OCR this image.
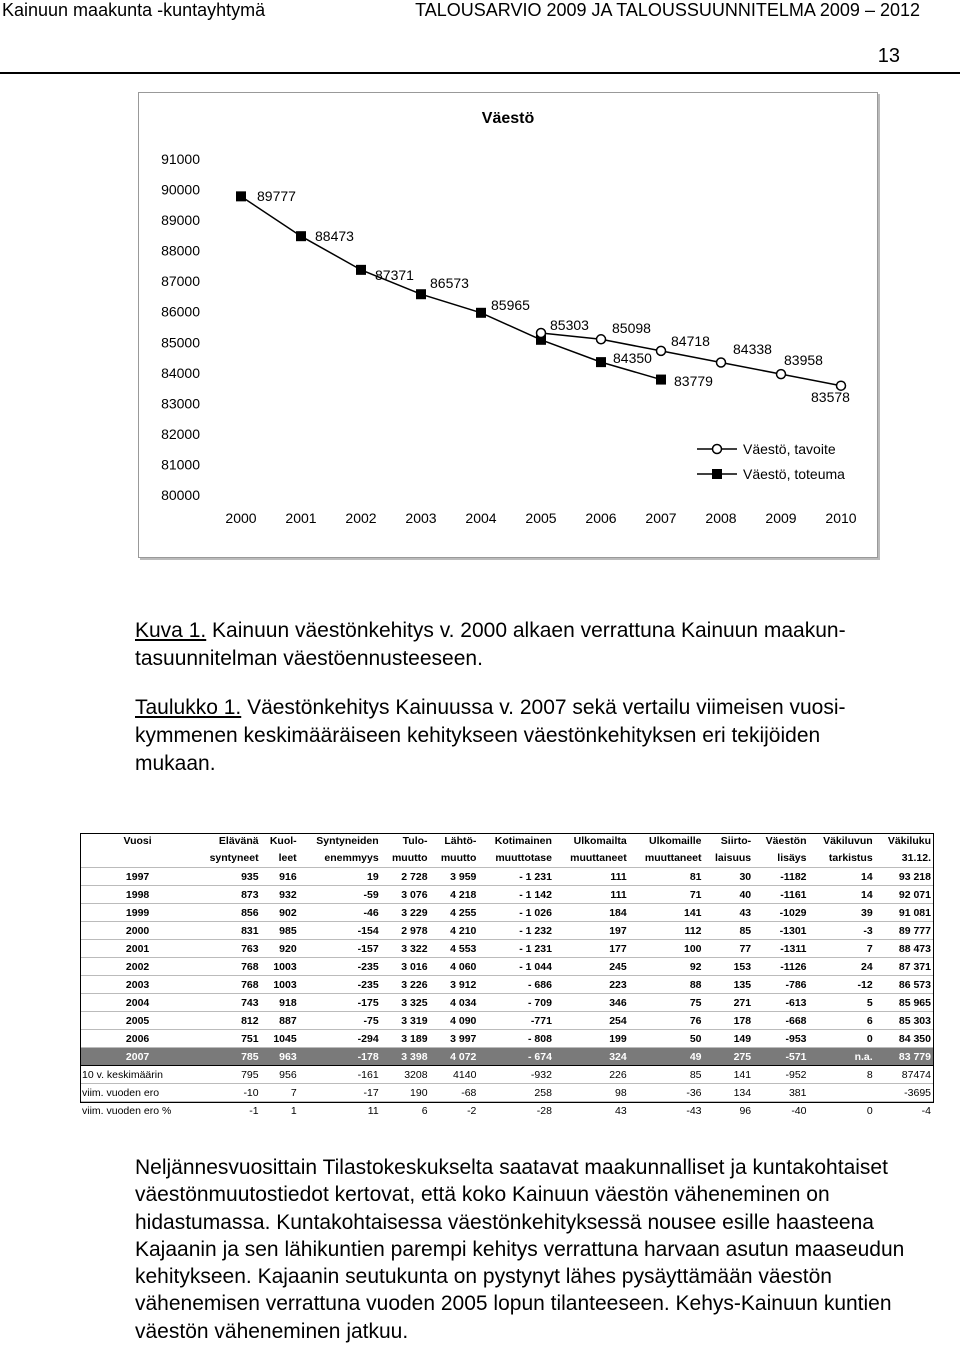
Kainuun maakunta -kuntayhtymä	TALOUSARVIO 2009 JA TALOUSSUUNNITELMA 2009 – 2012
13
Väestö
80000
81000
82000
83000
84000
85000
86000
87000
88000
89000
90000
91000
2000 2001 2002 2003 2004 2005 2006 2007 2008 2009 2010
89777
88473
87371 86573
85965
84350
83779
85303 85098
84718 84338
83958
83578
Väestö, tavoite
Väestö, toteuma
Kuva 1. Kainuun väestönkehitys v. 2000 alkaen verrattuna Kainuun maakun-
tasuunnitelman väestöennusteeseen.
Taulukko 1. Väestönkehitys Kainuussa v. 2007 sekä vertailu viimeisen vuosi-
kymmenen keskimääräiseen kehitykseen väestönkehityksen eri tekijöiden
mukaan.
Vuosi	Elävänä	Kuol-	Syntyneiden	Tulo-	Lähtö-	Kotimainen	Ulkomailta	Ulkomaille	Siirto-	Väestön	Väkiluvun	Väkiluku
	syntyneet	leet	enemmyys	muutto	muutto	muuttotase	muuttaneet	muuttaneet	laisuus	lisäys	tarkistus	31.12.
1997	935	916	19	2 728	3 959	- 1 231	111	81	30	-1182	14	93 218
1998	873	932	-59	3 076	4 218	- 1 142	111	71	40	-1161	14	92 071
1999	856	902	-46	3 229	4 255	- 1 026	184	141	43	-1029	39	91 081
2000	831	985	-154	2 978	4 210	- 1 232	197	112	85	-1301	-3	89 777
2001	763	920	-157	3 322	4 553	- 1 231	177	100	77	-1311	7	88 473
2002	768	1003	-235	3 016	4 060	- 1 044	245	92	153	-1126	24	87 371
2003	768	1003	-235	3 226	3 912	- 686	223	88	135	-786	-12	86 573
2004	743	918	-175	3 325	4 034	- 709	346	75	271	-613	5	85 965
2005	812	887	-75	3 319	4 090	-771	254	76	178	-668	6	85 303
2006	751	1045	-294	3 189	3 997	- 808	199	50	149	-953	0	84 350
2007	785	963	-178	3 398	4 072	- 674	324	49	275	-571	n.a.	83 779
10 v. keskimäärin	795	956	-161	3208	4140	-932	226	85	141	-952	8	87474
viim. vuoden ero	-10	7	-17	190	-68	258	98	-36	134	381		-3695
viim. vuoden ero %	-1	1	11	6	-2	-28	43	-43	96	-40	0	-4
Neljännesvuosittain Tilastokeskukselta saatavat maakunnalliset ja kuntakohtaiset väestönmuutostiedot kertovat, että koko Kainuun väestön väheneminen on hidastumassa. Kuntakohtaisessa väestönkehityksessä nousee esille haasteena Kajaanin ja sen lähikuntien parempi kehitys verrattuna harvaan asutun maaseudun kehitykseen. Kajaanin seutukunta on pystynyt lähes pysäyttämään väestön vähenemisen verrattuna vuoden 2005 lopun tilanteeseen. Kehys-Kainuun kuntien väestön väheneminen jatkuu.
